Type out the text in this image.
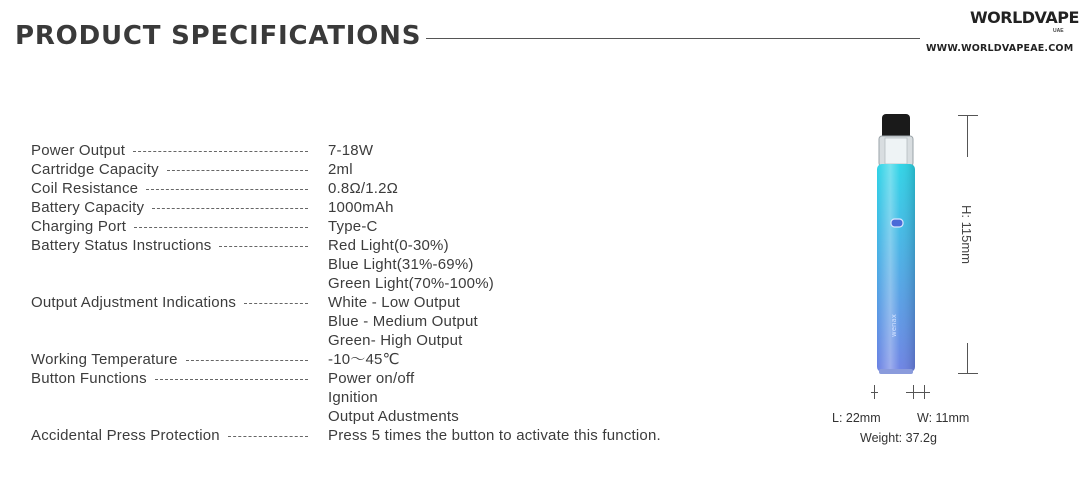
PRODUCT SPECIFICATIONS
WORLDVAPE
UAE
WWW.WORLDVAPEAE.COM
Power Output	7-18W
Cartridge Capacity	2ml
Coil Resistance	0.8Ω/1.2Ω
Battery Capacity	1000mAh
Charging Port	Type-C
Battery Status Instructions	Red Light(0-30%)
Blue Light(31%-69%)
Green Light(70%-100%)
Output Adjustment Indications	White - Low Output
Blue - Medium Output
Green- High Output
Working Temperature	-10～45℃
Button Functions	Power on/off
Ignition
Output Adustments
Accidental Press Protection	Press 5 times the button to activate this function.
wenax
H: 115mm
L: 22mm	W: 11mm
Weight: 37.2g
